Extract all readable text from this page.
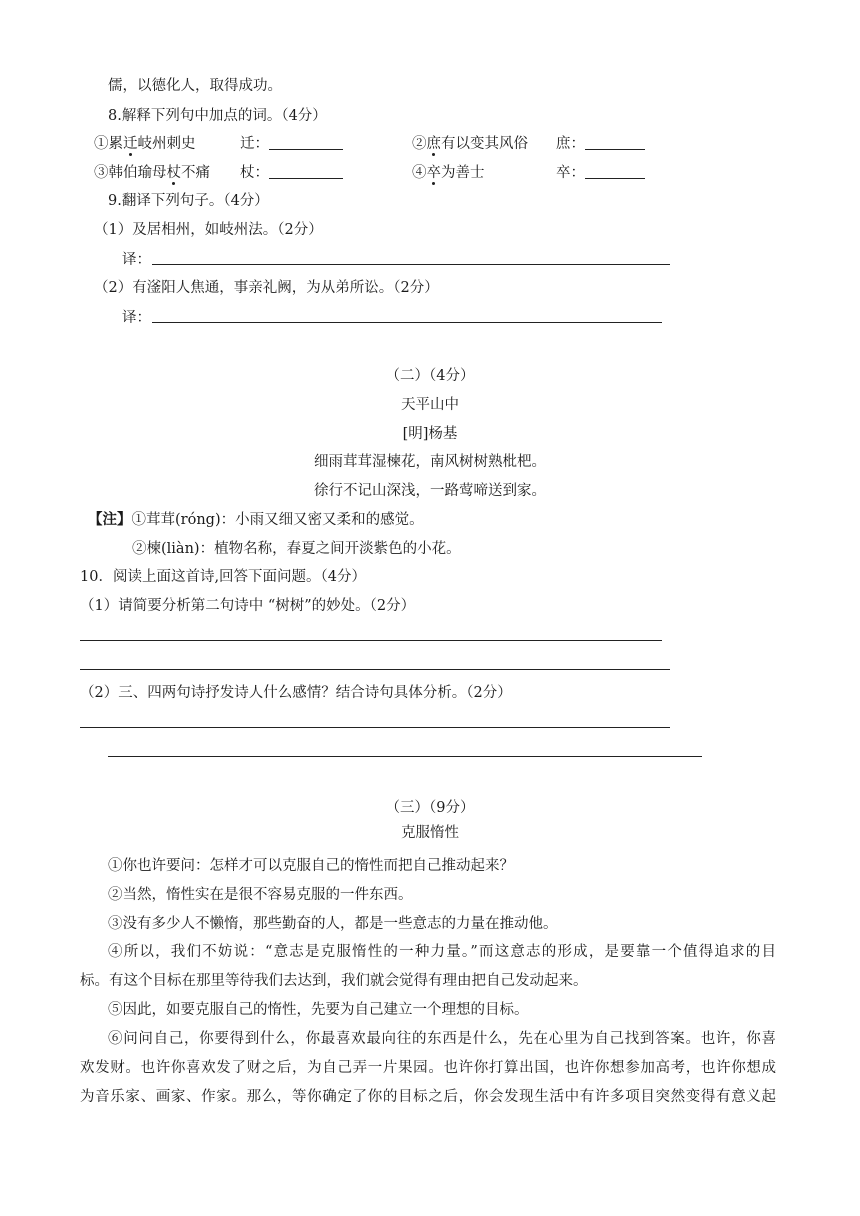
儒，以德化人，取得成功。
8.解释下列句中加点的词。（4分）
①累迁岐州刺史	迁：	②庶有以变其风俗 庶：
③韩伯瑜母杖不痛 杖：	④卒为善士	卒：
9.翻译下列句子。（4分）
（1）及居相州，如岐州法。（2分）
译：
（2）有滏阳人焦通，事亲礼阙，为从弟所讼。（2分）
译：
（二）（4分）
天平山中
[明]杨基
细雨茸茸湿楝花，南风树树熟枇杷。
徐行不记山深浅，一路莺啼送到家。
【注】①茸茸(róng)：小雨又细又密又柔和的感觉。
②楝(liàn)：植物名称，春夏之间开淡紫色的小花。
10．阅读上面这首诗,回答下面问题。（4分）
（1）请简要分析第二句诗中 “树树”的妙处。（2分）
（2）三、四两句诗抒发诗人什么感情？结合诗句具体分析。（2分）
（三）（9分）
克服惰性
①你也许要问：怎样才可以克服自己的惰性而把自己推动起来？
②当然，惰性实在是很不容易克服的一件东西。
③没有多少人不懒惰，那些勤奋的人，都是一些意志的力量在推动他。
④所以，我们不妨说：“意志是克服惰性的一种力量。”而这意志的形成，是要靠一个值得追求的目
标。有这个目标在那里等待我们去达到，我们就会觉得有理由把自己发动起来。
⑤因此，如要克服自己的惰性，先要为自己建立一个理想的目标。
⑥问问自己，你要得到什么，你最喜欢最向往的东西是什么，先在心里为自己找到答案。也许，你喜
欢发财。也许你喜欢发了财之后，为自己弄一片果园。也许你打算出国，也许你想参加高考，也许你想成
为音乐家、画家、作家。那么，等你确定了你的目标之后，你会发现生活中有许多项目突然变得有意义起
